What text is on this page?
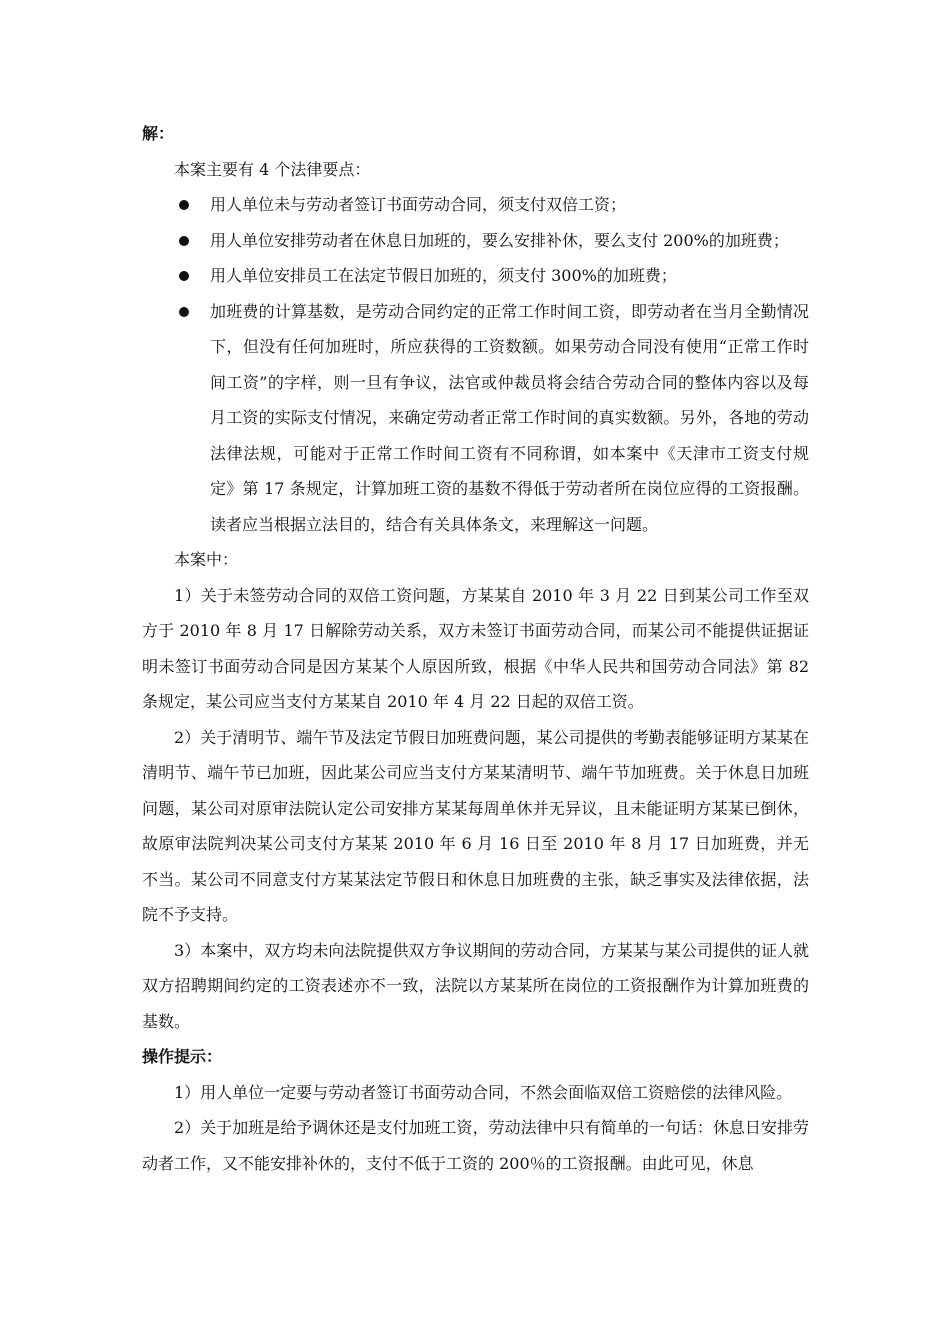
解：

本案主要有 4 个法律要点：

用人单位未与劳动者签订书面劳动合同，须支付双倍工资；
用人单位安排劳动者在休息日加班的，要么安排补休，要么支付 200%的加班费；
用人单位安排员工在法定节假日加班的，须支付 300%的加班费；
加班费的计算基数，是劳动合同约定的正常工作时间工资，即劳动者在当月全勤情况下，但没有任何加班时，所应获得的工资数额。如果劳动合同没有使用“正常工作时间工资”的字样，则一旦有争议，法官或仲裁员将会结合劳动合同的整体内容以及每月工资的实际支付情况，来确定劳动者正常工作时间的真实数额。另外，各地的劳动法律法规，可能对于正常工作时间工资有不同称谓，如本案中《天津市工资支付规定》第 17 条规定，计算加班工资的基数不得低于劳动者所在岗位应得的工资报酬。读者应当根据立法目的，结合有关具体条文，来理解这一问题。

本案中：

1）关于未签劳动合同的双倍工资问题，方某某自 2010 年 3 月 22 日到某公司工作至双方于 2010 年 8 月 17 日解除劳动关系，双方未签订书面劳动合同，而某公司不能提供证据证明未签订书面劳动合同是因方某某个人原因所致，根据《中华人民共和国劳动合同法》第 82 条规定，某公司应当支付方某某自 2010 年 4 月 22 日起的双倍工资。

2）关于清明节、端午节及法定节假日加班费问题，某公司提供的考勤表能够证明方某某在清明节、端午节已加班，因此某公司应当支付方某某清明节、端午节加班费。关于休息日加班问题，某公司对原审法院认定公司安排方某某每周单休并无异议，且未能证明方某某已倒休，故原审法院判决某公司支付方某某 2010 年 6 月 16 日至 2010 年 8 月 17 日加班费，并无不当。某公司不同意支付方某某法定节假日和休息日加班费的主张，缺乏事实及法律依据，法院不予支持。

3）本案中，双方均未向法院提供双方争议期间的劳动合同，方某某与某公司提供的证人就双方招聘期间约定的工资表述亦不一致，法院以方某某所在岗位的工资报酬作为计算加班费的基数。

操作提示：

1）用人单位一定要与劳动者签订书面劳动合同，不然会面临双倍工资赔偿的法律风险。

2）关于加班是给予调休还是支付加班工资，劳动法律中只有简单的一句话：休息日安排劳动者工作，又不能安排补休的，支付不低于工资的 200％的工资报酬。由此可见，休息
